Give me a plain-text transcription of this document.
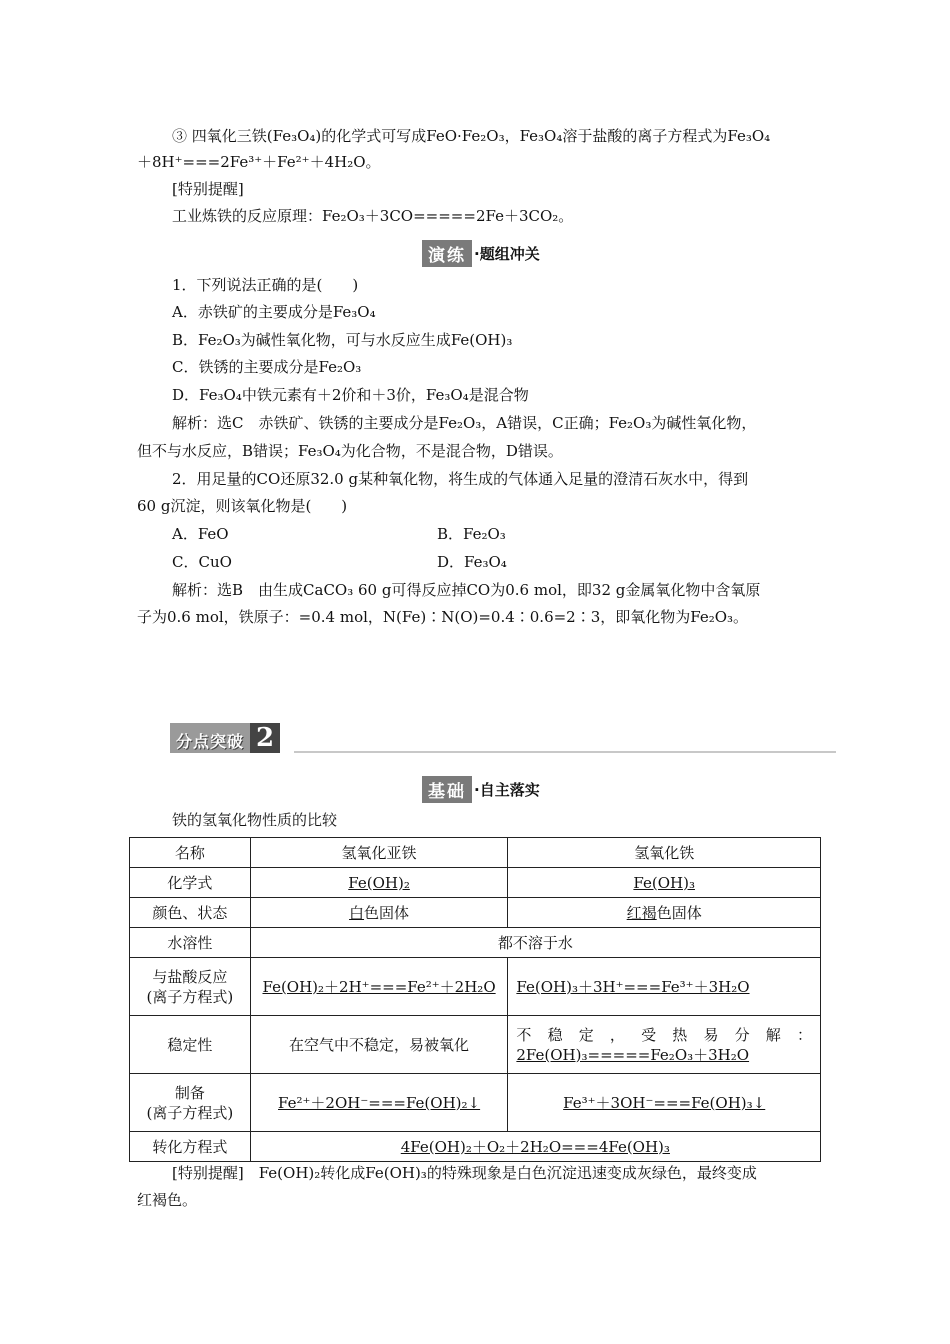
③ 四氧化三铁(Fe₃O₄)的化学式可写成FeO·Fe₂O₃，Fe₃O₄溶于盐酸的离子方程式为Fe₃O₄
＋8H⁺===2Fe³⁺＋Fe²⁺＋4H₂O。
[特别提醒]
工业炼铁的反应原理：Fe₂O₃＋3CO=====2Fe＋3CO₂。
演练 ·题组冲关
1．下列说法正确的是(　　)
A．赤铁矿的主要成分是Fe₃O₄
B．Fe₂O₃为碱性氧化物，可与水反应生成Fe(OH)₃
C．铁锈的主要成分是Fe₂O₃
D．Fe₃O₄中铁元素有＋2价和＋3价，Fe₃O₄是混合物
解析：选C　赤铁矿、铁锈的主要成分是Fe₂O₃，A错误，C正确；Fe₂O₃为碱性氧化物，
但不与水反应，B错误；Fe₃O₄为化合物，不是混合物，D错误。
2．用足量的CO还原32.0 g某种氧化物，将生成的气体通入足量的澄清石灰水中，得到
60 g沉淀，则该氧化物是(　　)
A．FeO	B．Fe₂O₃
C．CuO	D．Fe₃O₄
解析：选B　由生成CaCO₃ 60 g可得反应掉CO为0.6 mol，即32 g金属氧化物中含氧原
子为0.6 mol，铁原子：=0.4 mol，N(Fe)∶N(O)=0.4∶0.6=2∶3，即氧化物为Fe₂O₃。
分点突破 2
基础 ·自主落实
铁的氢氧化物性质的比较
名称	氢氧化亚铁	氢氧化铁
化学式	Fe(OH)₂	Fe(OH)₃
颜色、状态	白色固体	红褐色固体
水溶性	都不溶于水	

与盐酸反应
(离子方程式)	Fe(OH)₂＋2H⁺===Fe²⁺＋2H₂O	Fe(OH)₃＋3H⁺===Fe³⁺＋3H₂O
稳定性	在空气中不稳定，易被氧化	不稳定，受热易分解：
2Fe(OH)₃=====Fe₂O₃＋3H₂O

制备
(离子方程式)	Fe²⁺＋2OH⁻===Fe(OH)₂↓	Fe³⁺＋3OH⁻===Fe(OH)₃↓
转化方程式	4Fe(OH)₂＋O₂＋2H₂O===4Fe(OH)₃	
[特别提醒]　Fe(OH)₂转化成Fe(OH)₃的特殊现象是白色沉淀迅速变成灰绿色，最终变成
红褐色。
